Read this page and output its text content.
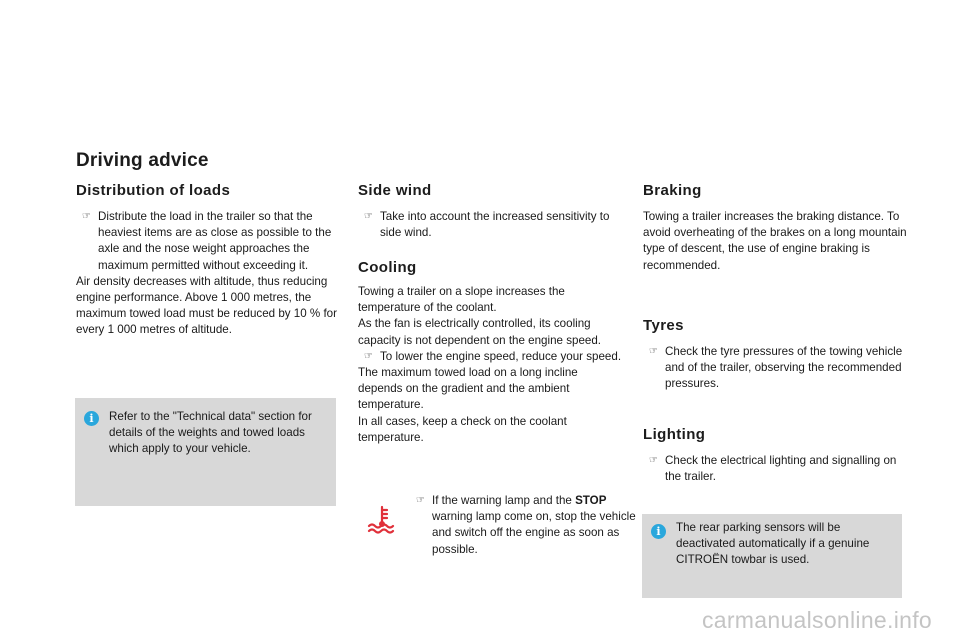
Driving advice
Distribution of loads

☞ Distribute the load in the trailer so that the heaviest items are as close as possible to the axle and the nose weight approaches the maximum permitted without exceeding it.

Air density decreases with altitude, thus reducing engine performance. Above 1 000 metres, the maximum towed load must be reduced by 10 % for every 1 000 metres of altitude.

i	Refer to the "Technical data" section for details of the weights and towed loads which apply to your vehicle.

Side wind

☞ Take into account the increased sensitivity to side wind.

Cooling

Towing a trailer on a slope increases the temperature of the coolant.

As the fan is electrically controlled, its cooling capacity is not dependent on the engine speed.

☞ To lower the engine speed, reduce your speed.

The maximum towed load on a long incline depends on the gradient and the ambient temperature.

In all cases, keep a check on the coolant temperature.

☞ If the warning lamp and the STOP warning lamp come on, stop the vehicle and switch off the engine as soon as possible.

Braking

Towing a trailer increases the braking distance. To avoid overheating of the brakes on a long mountain type of descent, the use of engine braking is recommended.

Tyres

☞ Check the tyre pressures of the towing vehicle and of the trailer, observing the recommended pressures.

Lighting

☞ Check the electrical lighting and signalling on the trailer.

i	The rear parking sensors will be deactivated automatically if a genuine CITROËN towbar is used.

carmanualsonline.info
